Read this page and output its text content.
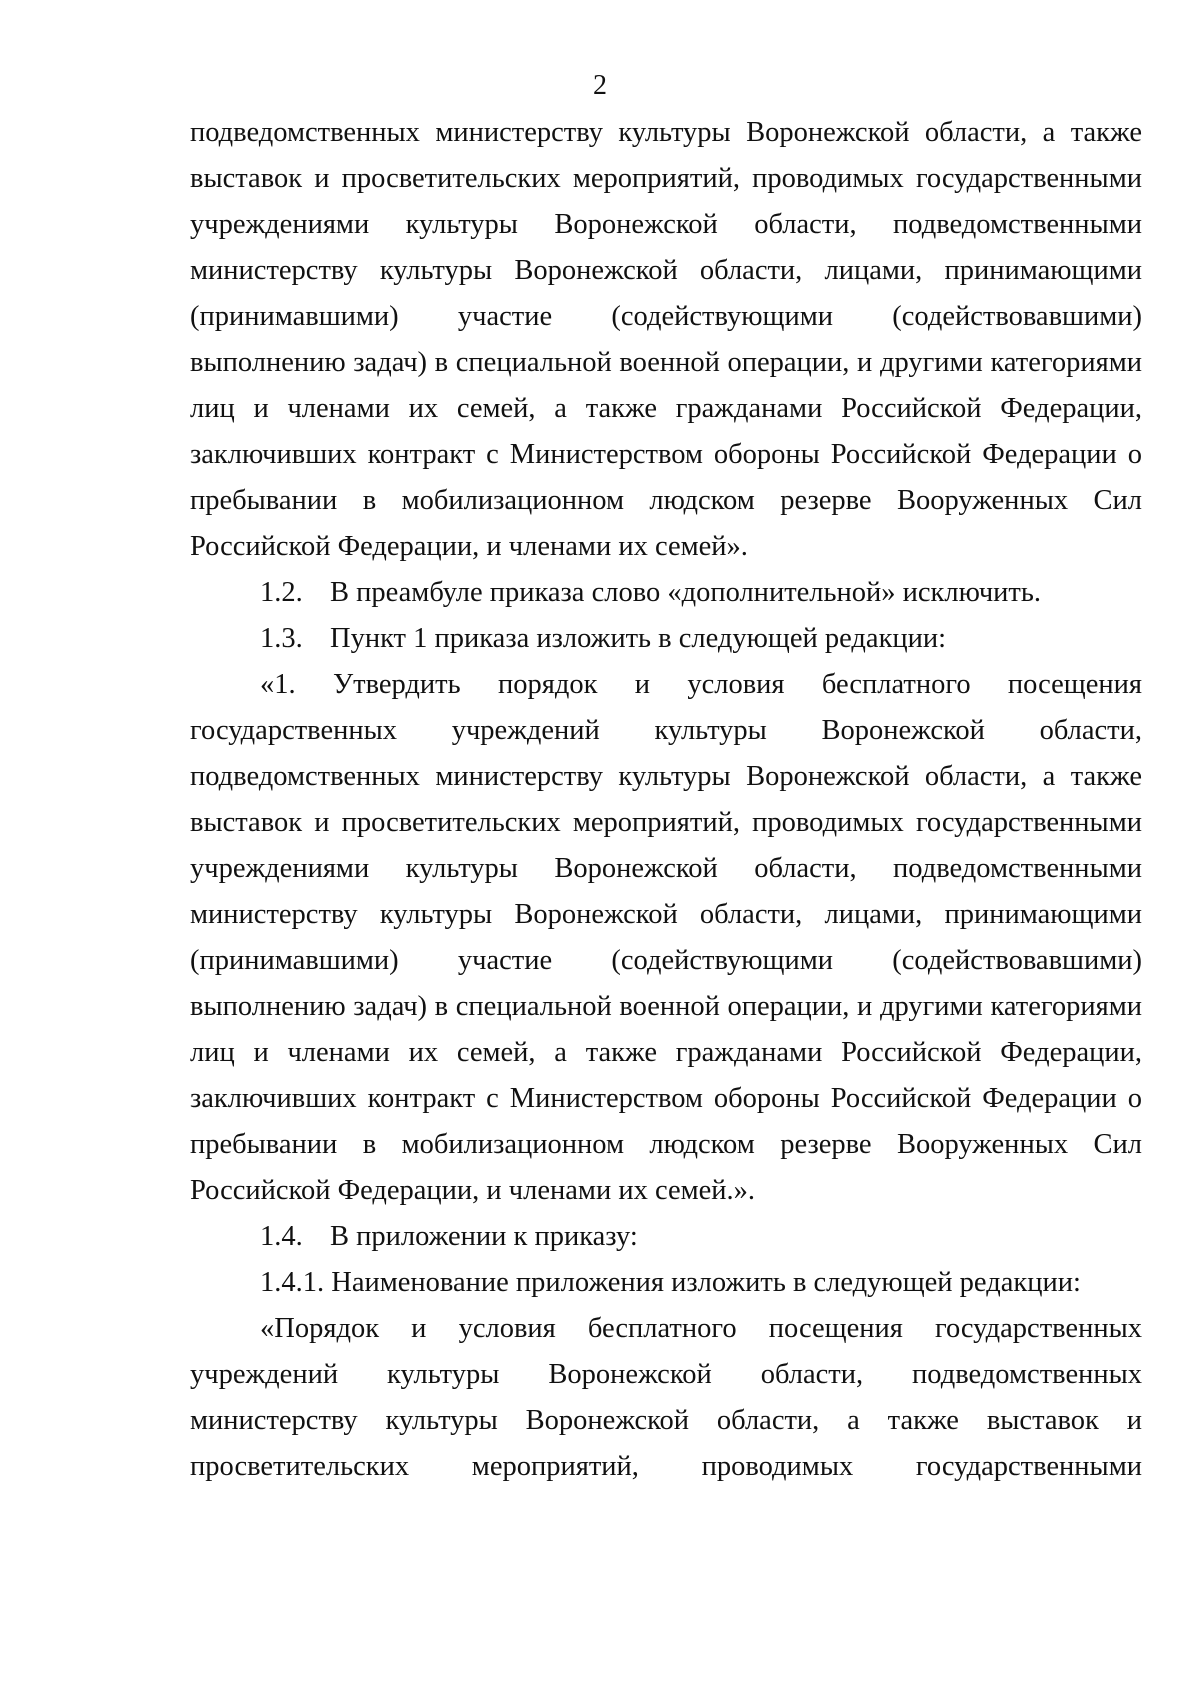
2
подведомственных министерству культуры Воронежской области, а также
выставок и просветительских мероприятий, проводимых государственными
учреждениями культуры Воронежской области, подведомственными
министерству культуры Воронежской области, лицами, принимающими
(принимавшими) участие (содействующими (содействовавшими)
выполнению задач) в специальной военной операции, и другими категориями
лиц и членами их семей, а также гражданами Российской Федерации,
заключивших контракт с Министерством обороны Российской Федерации о
пребывании в мобилизационном людском резерве Вооруженных Сил
Российской Федерации, и членами их семей».
1.2. В преамбуле приказа слово «дополнительной» исключить.
1.3. Пункт 1 приказа изложить в следующей редакции:
«1. Утвердить порядок и условия бесплатного посещения
государственных учреждений культуры Воронежской области,
подведомственных министерству культуры Воронежской области, а также
выставок и просветительских мероприятий, проводимых государственными
учреждениями культуры Воронежской области, подведомственными
министерству культуры Воронежской области, лицами, принимающими
(принимавшими) участие (содействующими (содействовавшими)
выполнению задач) в специальной военной операции, и другими категориями
лиц и членами их семей, а также гражданами Российской Федерации,
заключивших контракт с Министерством обороны Российской Федерации о
пребывании в мобилизационном людском резерве Вооруженных Сил
Российской Федерации, и членами их семей.».
1.4. В приложении к приказу:
1.4.1. Наименование приложения изложить в следующей редакции:
«Порядок и условия бесплатного посещения государственных
учреждений культуры Воронежской области, подведомственных
министерству культуры Воронежской области, а также выставок и
просветительских мероприятий, проводимых государственными
